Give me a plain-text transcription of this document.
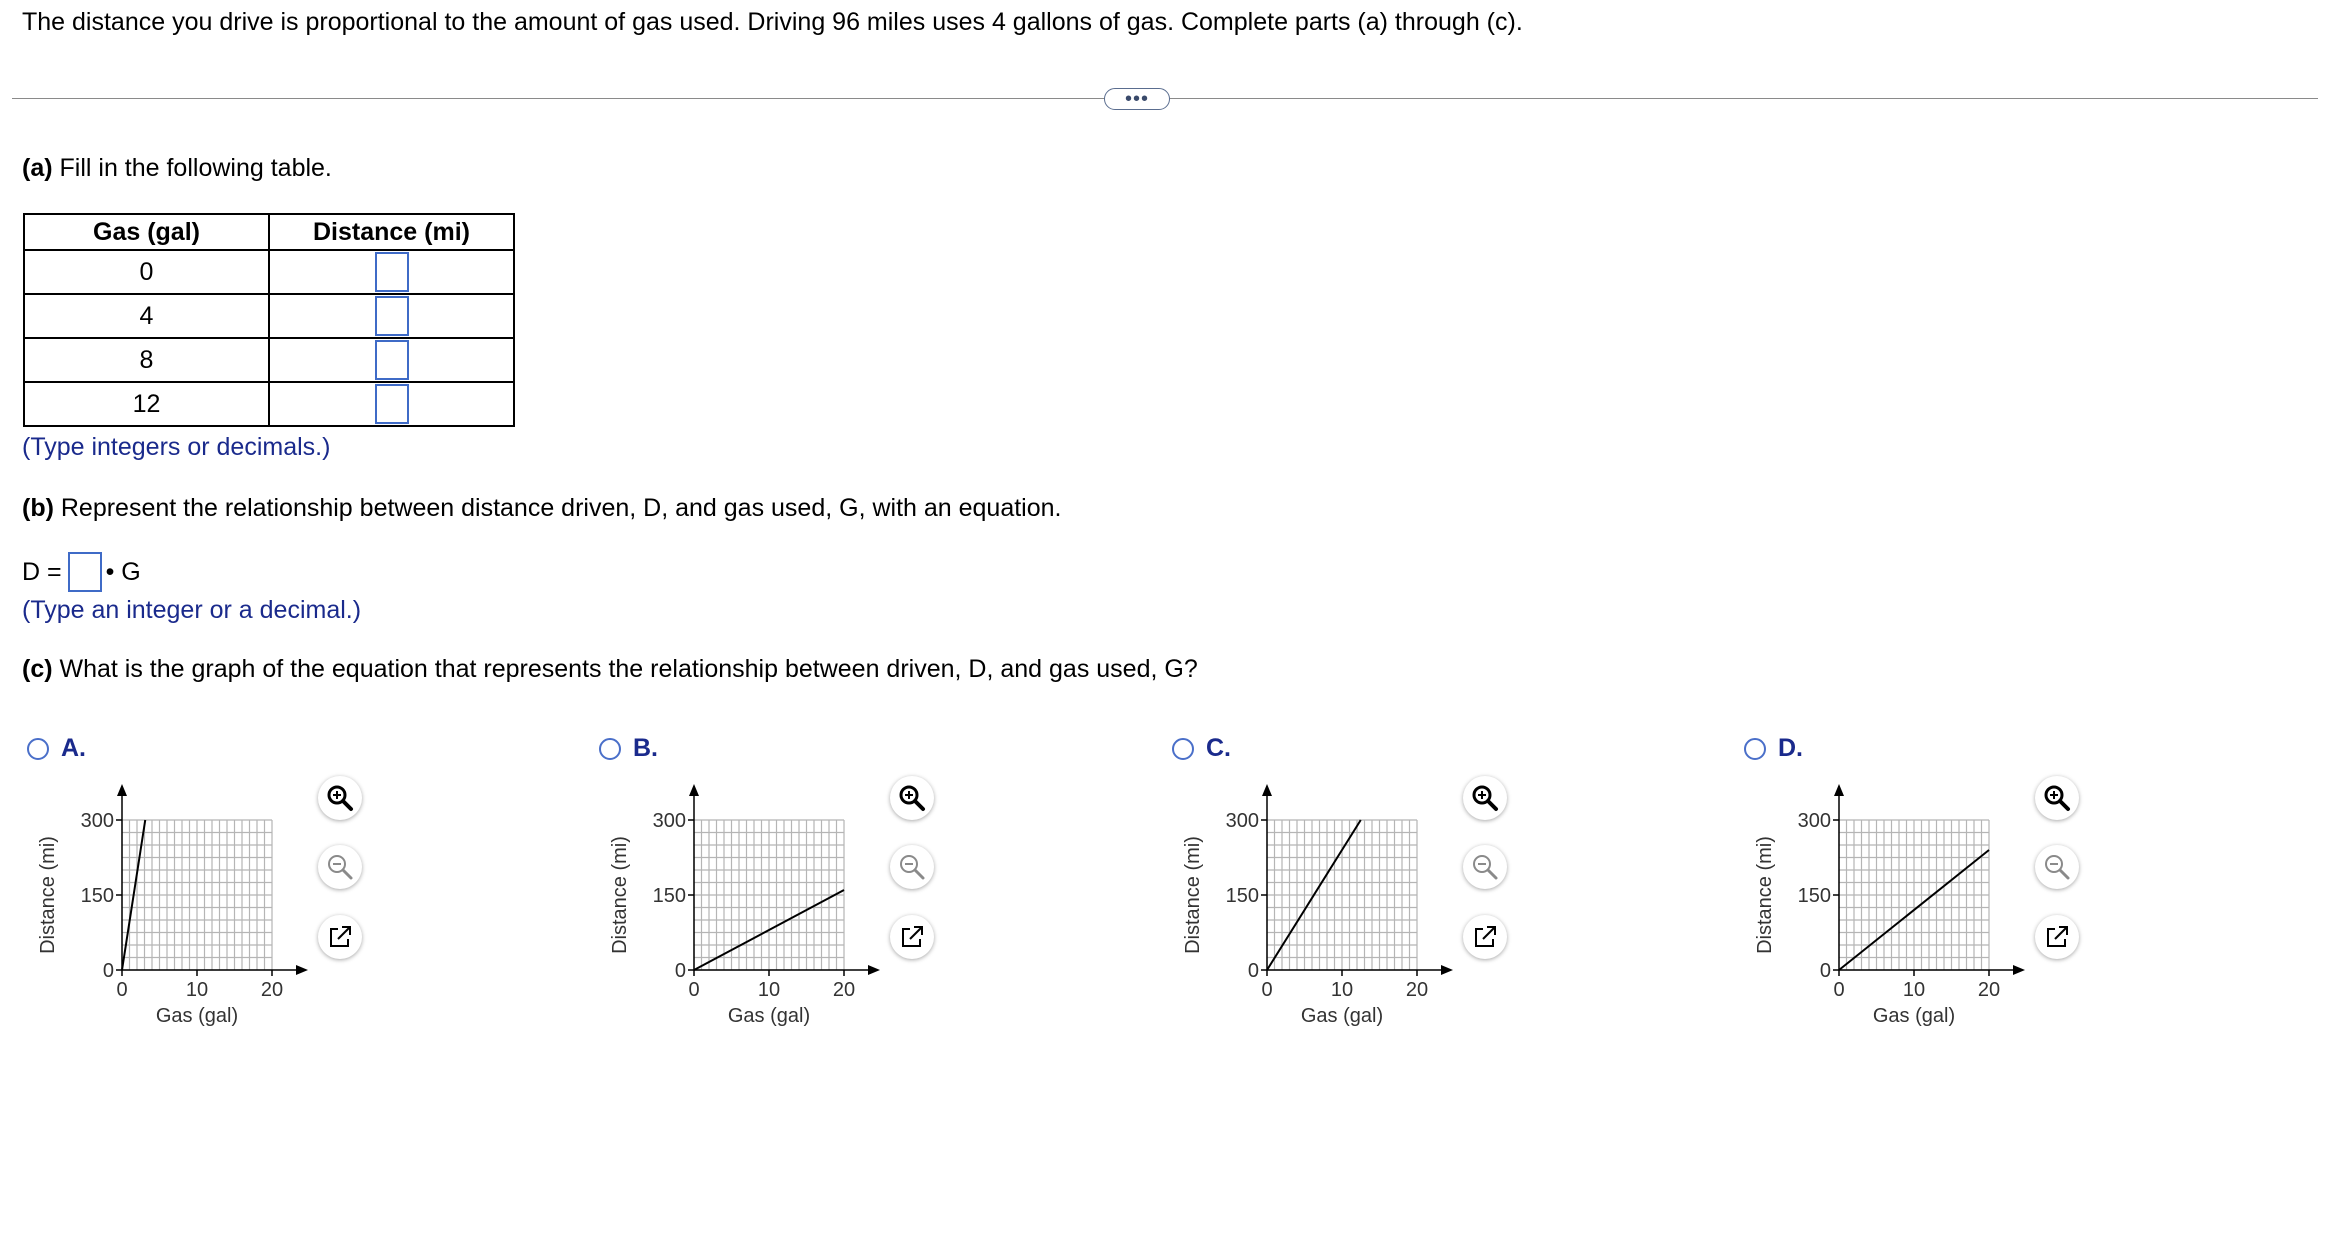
The distance you drive is proportional to the amount of gas used. Driving 96 miles uses 4 gallons of gas. Complete parts (a) through (c).
•••
(a) Fill in the following table.
Gas (gal)	Distance (mi)
0	
4	
8	
12	
(Type integers or decimals.)
(b) Represent the relationship between distance driven, D, and gas used, G, with an equation.
D = • G
(Type an integer or a decimal.)
(c) What is the graph of the equation that represents the relationship between driven, D, and gas used, G?
A.
0
150
300
0	10	20
Gas (gal)
Distance (mi)
B.
0
150
300
0	10	20
Gas (gal)
Distance (mi)
C.
0
150
300
0	10	20
Gas (gal)
Distance (mi)
D.
0
150
300
0	10	20
Gas (gal)
Distance (mi)
